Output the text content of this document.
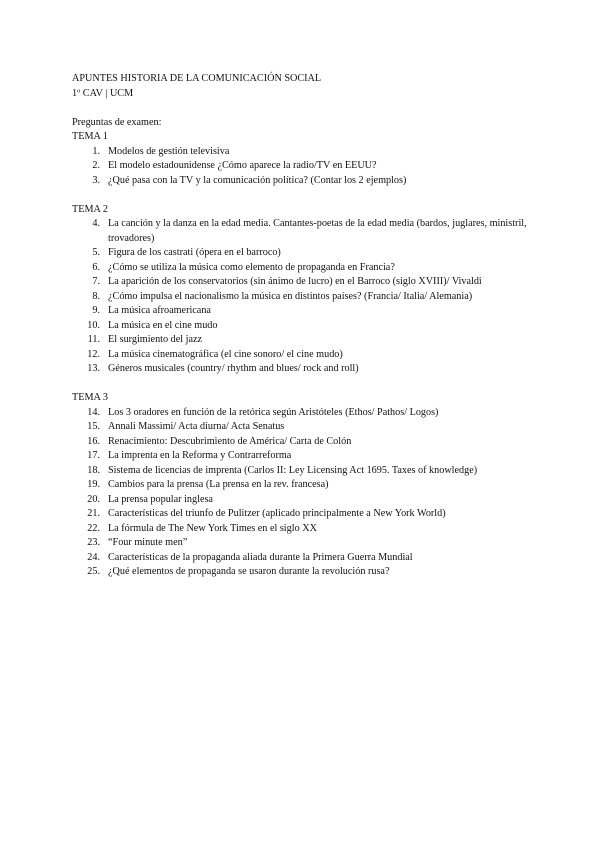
APUNTES HISTORIA DE LA COMUNICACIÓN SOCIAL
1º CAV | UCM
Preguntas de examen:
TEMA 1
1. Modelos de gestión televisiva
2. El modelo estadounidense ¿Cómo aparece la radio/TV en EEUU?
3. ¿Qué pasa con la TV y la comunicación política? (Contar los 2 ejemplos)
TEMA 2
4. La canción y la danza en la edad media. Cantantes-poetas de la edad media (bardos, juglares, ministril, trovadores)
5. Figura de los castrati (ópera en el barroco)
6. ¿Cómo se utiliza la música como elemento de propaganda en Francia?
7. La aparición de los conservatorios (sin ánimo de lucro) en el Barroco (siglo XVIII)/ Vivaldi
8. ¿Cómo impulsa el nacionalismo la música en distintos países? (Francia/ Italia/ Alemania)
9. La música afroamericana
10. La música en el cine mudo
11. El surgimiento del jazz
12. La música cinematográfica (el cine sonoro/ el cine mudo)
13. Géneros musicales (country/ rhythm and blues/ rock and roll)
TEMA 3
14. Los 3 oradores en función de la retórica según Aristóteles (Ethos/ Pathos/ Logos)
15. Annali Massimi/ Acta diurna/ Acta Senatus
16. Renacimiento: Descubrimiento de América/ Carta de Colón
17. La imprenta en la Reforma y Contrarreforma
18. Sistema de licencias de imprenta (Carlos II: Ley Licensing Act 1695. Taxes of knowledge)
19. Cambios para la prensa (La prensa en la rev. francesa)
20. La prensa popular inglesa
21. Características del triunfo de Pulitzer (aplicado principalmente a New York World)
22. La fórmula de The New York Times en el siglo XX
23. “Four minute men”
24. Características de la propaganda aliada durante la Primera Guerra Mundial
25. ¿Qué elementos de propaganda se usaron durante la revolución rusa?
